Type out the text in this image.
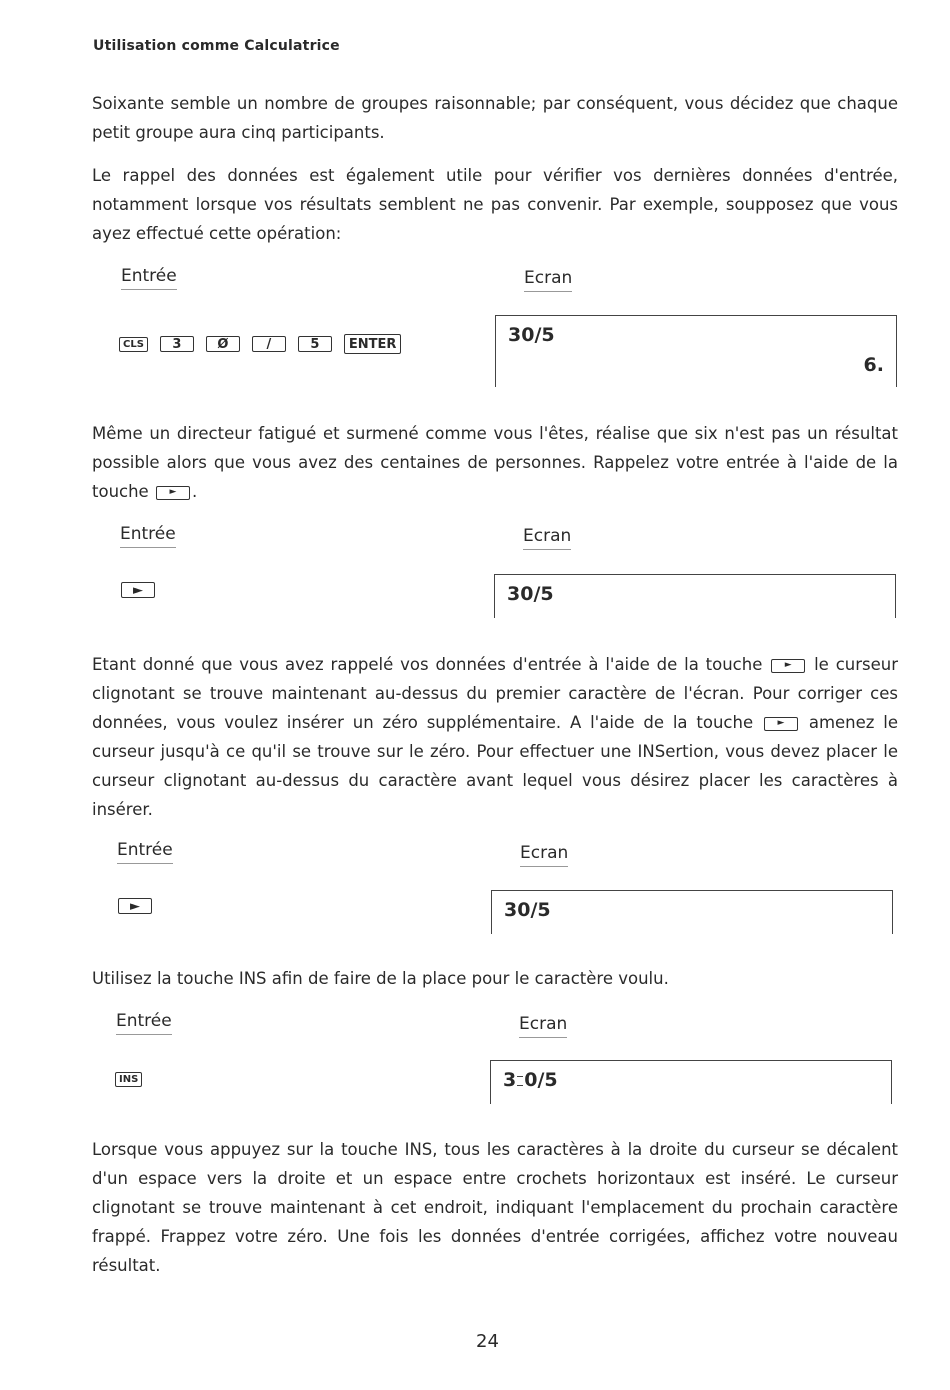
Utilisation comme Calculatrice

Soixante semble un nombre de groupes raisonnable; par conséquent, vous décidez que chaque petit groupe aura cinq participants.

Le rappel des données est également utile pour vérifier vos dernières données d'entrée, notamment lorsque vos résultats semblent ne pas convenir. Par exemple, soupposez que vous ayez effectué cette opération:

Entrée	Ecran
CLS	3	Ø	/	5	ENTER	30/5
6.

Même un directeur fatigué et surmené comme vous l'êtes, réalise que six n'est pas un résultat possible alors que vous avez des centaines de personnes. Rappelez votre entrée à l'aide de la touche ► .

Entrée	Ecran
►	30/5

Etant donné que vous avez rappelé vos données d'entrée à l'aide de la touche ► le curseur clignotant se trouve maintenant au-dessus du premier caractère de l'écran. Pour corriger ces données, vous voulez insérer un zéro supplémentaire. A l'aide de la touche	► amenez le curseur jusqu'à ce qu'il se trouve sur le zéro. Pour effectuer une INSertion, vous devez placer le curseur clignotant au-dessus du caractère avant lequel vous désirez placer les caractères à insérer.

Entrée	Ecran
►	30/5

Utilisez la touche INS afin de faire de la place pour le caractère voulu.

Entrée	Ecran
INS	3 0/5

Lorsque vous appuyez sur la touche INS, tous les caractères à la droite du curseur se décalent d'un espace vers la droite et un espace entre crochets horizontaux est inséré. Le curseur clignotant se trouve maintenant à cet endroit, indiquant l'emplacement du prochain caractère frappé. Frappez votre zéro. Une fois les données d'entrée corrigées, affichez votre nouveau résultat.

24
